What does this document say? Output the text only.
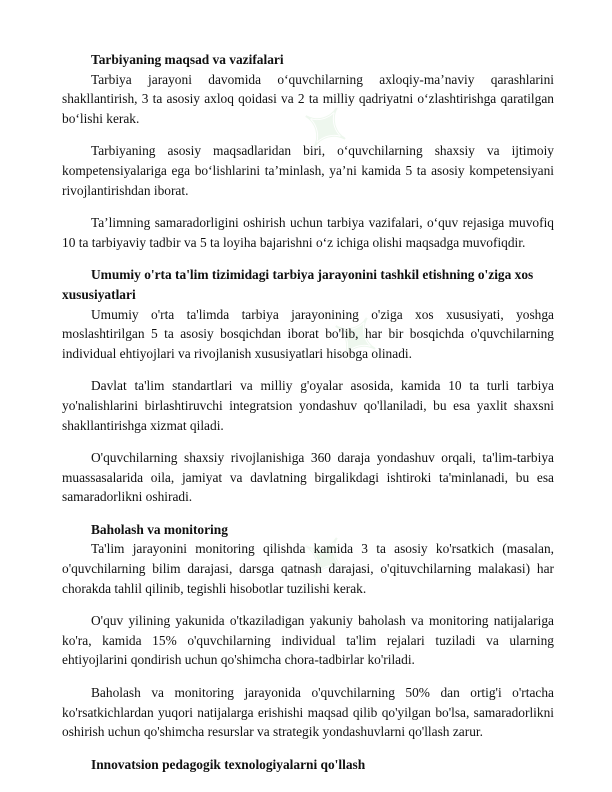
✦
✦
✦

Tarbiyaning maqsad va vazifalari

Tarbiya jarayoni davomida o‘quvchilarning axloqiy-ma’naviy qarashlarini shakllantirish, 3 ta asosiy axloq qoidasi va 2 ta milliy qadriyatni o‘zlashtirishga qaratilgan bo‘lishi kerak.

Tarbiyaning asosiy maqsadlaridan biri, o‘quvchilarning shaxsiy va ijtimoiy kompetensiyalariga ega bo‘lishlarini ta’minlash, ya’ni kamida 5 ta asosiy kompetensiyani rivojlantirishdan iborat.

Ta’limning samaradorligini oshirish uchun tarbiya vazifalari, o‘quv rejasiga muvofiq 10 ta tarbiyaviy tadbir va 5 ta loyiha bajarishni o‘z ichiga olishi maqsadga muvofiqdir.

Umumiy o'rta ta'lim tizimidagi tarbiya jarayonini tashkil etishning o'ziga xos xususiyatlari

Umumiy o'rta ta'limda tarbiya jarayonining o'ziga xos xususiyati, yoshga moslashtirilgan 5 ta asosiy bosqichdan iborat bo'lib, har bir bosqichda o'quvchilarning individual ehtiyojlari va rivojlanish xususiyatlari hisobga olinadi.

Davlat ta'lim standartlari va milliy g'oyalar asosida, kamida 10 ta turli tarbiya yo'nalishlarini birlashtiruvchi integratsion yondashuv qo'llaniladi, bu esa yaxlit shaxsni shakllantirishga xizmat qiladi.

O'quvchilarning shaxsiy rivojlanishiga 360 daraja yondashuv orqali, ta'lim-tarbiya muassasalarida oila, jamiyat va davlatning birgalikdagi ishtiroki ta'minlanadi, bu esa samaradorlikni oshiradi.

Baholash va monitoring

Ta'lim jarayonini monitoring qilishda kamida 3 ta asosiy ko'rsatkich (masalan, o'quvchilarning bilim darajasi, darsga qatnash darajasi, o'qituvchilarning malakasi) har chorakda tahlil qilinib, tegishli hisobotlar tuzilishi kerak.

O'quv yilining yakunida o'tkaziladigan yakuniy baholash va monitoring natijalariga ko'ra, kamida 15% o'quvchilarning individual ta'lim rejalari tuziladi va ularning ehtiyojlarini qondirish uchun qo'shimcha chora-tadbirlar ko'riladi.

Baholash va monitoring jarayonida o'quvchilarning 50% dan ortig'i o'rtacha ko'rsatkichlardan yuqori natijalarga erishishi maqsad qilib qo'yilgan bo'lsa, samaradorlikni oshirish uchun qo'shimcha resurslar va strategik yondashuvlarni qo'llash zarur.

Innovatsion pedagogik texnologiyalarni qo'llash
